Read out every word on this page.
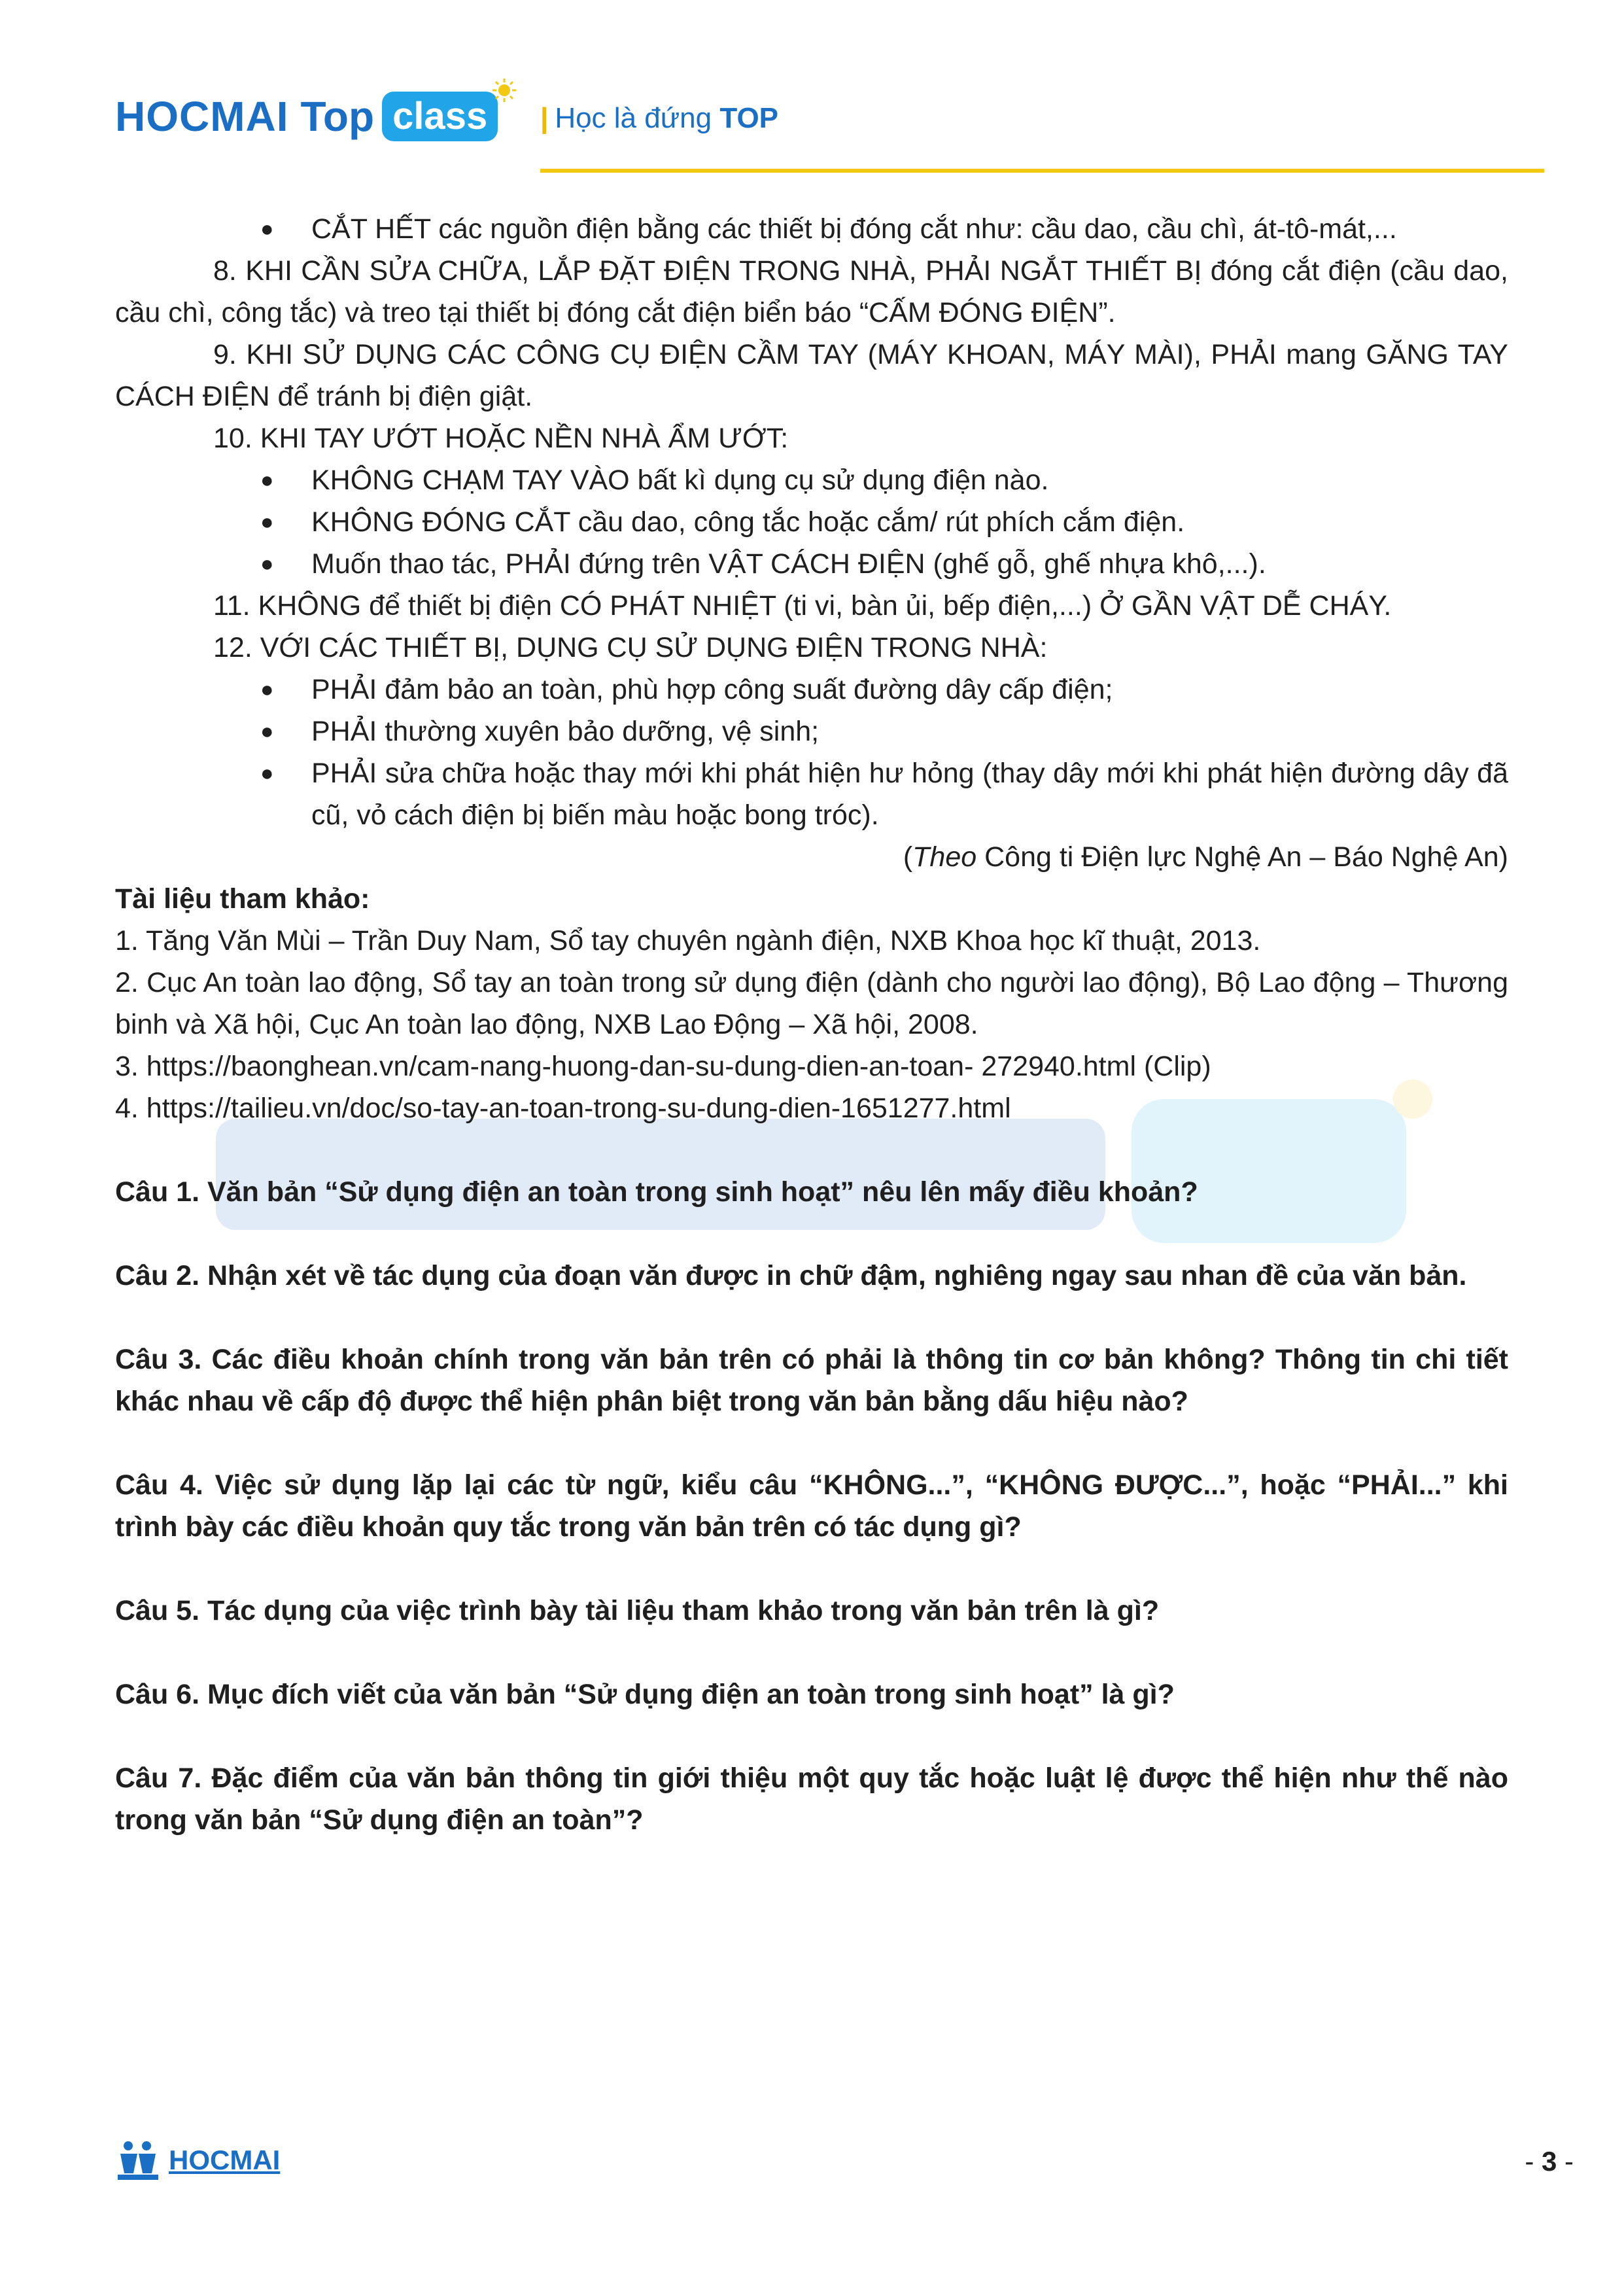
HOCMAI Top class	| Học là đứng TOP

● CẮT HẾT các nguồn điện bằng các thiết bị đóng cắt như: cầu dao, cầu chì, át-tô-mát,...

8. KHI CẦN SỬA CHỮA, LẮP ĐẶT ĐIỆN TRONG NHÀ, PHẢI NGẮT THIẾT BỊ đóng cắt điện (cầu dao, cầu chì, công tắc) và treo tại thiết bị đóng cắt điện biển báo “CẤM ĐÓNG ĐIỆN”.

9. KHI SỬ DỤNG CÁC CÔNG CỤ ĐIỆN CẦM TAY (MÁY KHOAN, MÁY MÀI), PHẢI mang GĂNG TAY CÁCH ĐIỆN để tránh bị điện giật.

10. KHI TAY ƯỚT HOẶC NỀN NHÀ ẨM ƯỚT:

● KHÔNG CHẠM TAY VÀO bất kì dụng cụ sử dụng điện nào.

● KHÔNG ĐÓNG CẮT cầu dao, công tắc hoặc cắm/ rút phích cắm điện.

● Muốn thao tác, PHẢI đứng trên VẬT CÁCH ĐIỆN (ghế gỗ, ghế nhựa khô,...).

11. KHÔNG để thiết bị điện CÓ PHÁT NHIỆT (ti vi, bàn ủi, bếp điện,...) Ở GẦN VẬT DỄ CHÁY.

12. VỚI CÁC THIẾT BỊ, DỤNG CỤ SỬ DỤNG ĐIỆN TRONG NHÀ:

● PHẢI đảm bảo an toàn, phù hợp công suất đường dây cấp điện;

● PHẢI thường xuyên bảo dưỡng, vệ sinh;

● PHẢI sửa chữa hoặc thay mới khi phát hiện hư hỏng (thay dây mới khi phát hiện đường dây đã cũ, vỏ cách điện bị biến màu hoặc bong tróc).

(Theo Công ti Điện lực Nghệ An – Báo Nghệ An)

Tài liệu tham khảo:

1. Tăng Văn Mùi – Trần Duy Nam, Sổ tay chuyên ngành điện, NXB Khoa học kĩ thuật, 2013.

2. Cục An toàn lao động, Sổ tay an toàn trong sử dụng điện (dành cho người lao động), Bộ Lao động – Thương binh và Xã hội, Cục An toàn lao động, NXB Lao Động – Xã hội, 2008.

3. https://baonghean.vn/cam-nang-huong-dan-su-dung-dien-an-toan- 272940.html (Clip)

4. https://tailieu.vn/doc/so-tay-an-toan-trong-su-dung-dien-1651277.html

Câu 1. Văn bản “Sử dụng điện an toàn trong sinh hoạt” nêu lên mấy điều khoản?

Câu 2. Nhận xét về tác dụng của đoạn văn được in chữ đậm, nghiêng ngay sau nhan đề của văn bản.

Câu 3. Các điều khoản chính trong văn bản trên có phải là thông tin cơ bản không? Thông tin chi tiết khác nhau về cấp độ được thể hiện phân biệt trong văn bản bằng dấu hiệu nào?

Câu 4. Việc sử dụng lặp lại các từ ngữ, kiểu câu “KHÔNG...”, “KHÔNG ĐƯỢC...”, hoặc “PHẢI...” khi trình bày các điều khoản quy tắc trong văn bản trên có tác dụng gì?

Câu 5. Tác dụng của việc trình bày tài liệu tham khảo trong văn bản trên là gì?

Câu 6. Mục đích viết của văn bản “Sử dụng điện an toàn trong sinh hoạt” là gì?

Câu 7. Đặc điểm của văn bản thông tin giới thiệu một quy tắc hoặc luật lệ được thể hiện như thế nào trong văn bản “Sử dụng điện an toàn”?

HOCMAI	- 3 -
